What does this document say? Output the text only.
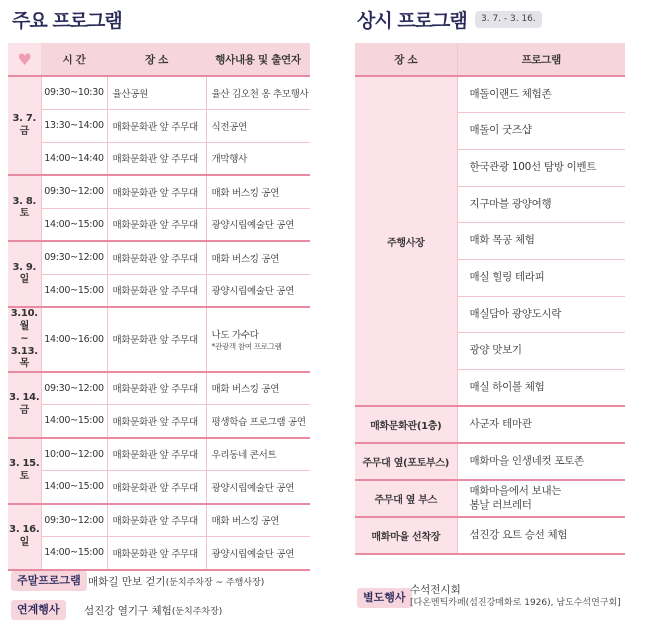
주요 프로그램	상시 프로그램	3. 7. - 3. 16.
♥	시 간	장 소	행사내용 및 출연자
3. 7.
금	09:30~10:30	율산공원	율산 김오천 옹 추모행사
	13:30~14:00	매화문화관 앞 주무대	식전공연
	14:00~14:40	매화문화관 앞 주무대	개막행사
3. 8.
토	09:30~12:00	매화문화관 앞 주무대	매화 버스킹 공연
	14:00~15:00	매화문화관 앞 주무대	광양시립예술단 공연
3. 9.
일	09:30~12:00	매화문화관 앞 주무대	매화 버스킹 공연
	14:00~15:00	매화문화관 앞 주무대	광양시립예술단 공연
3.10.월
~
3.13.목	14:00~16:00	매화문화관 앞 주무대	나도 가수다
*관광객 참여 프로그램

3. 14.
금	09:30~12:00	매화문화관 앞 주무대	매화 버스킹 공연
	14:00~15:00	매화문화관 앞 주무대	평생학습 프로그램 공연
3. 15.
토	10:00~12:00	매화문화관 앞 주무대	우리동네 콘서트
	14:00~15:00	매화문화관 앞 주무대	광양시립예술단 공연
3. 16.
일	09:30~12:00	매화문화관 앞 주무대	매화 버스킹 공연
	14:00~15:00	매화문화관 앞 주무대	광양시립예술단 공연
장 소	프로그램
주행사장	매돌이랜드 체험존
	매돌이 굿즈샵
	한국관광 100선 탐방 이벤트
	지구마블 광양여행
	매화 목공 체험
	매실 힐링 테라피
	매실담아 광양도시락
	광양 맛보기
	매실 하이볼 체험
매화문화관(1층)	사군자 테마관
주무대 옆(포토부스)	매화마을 인생네컷 포토존
주무대 옆 부스	매화마을에서 보내는
봄날 러브레터
매화마을 선착장	섬진강 요트 승선 체험
주말프로그램 매화길 만보 걷기(둔치주차장 ~ 주행사장)
연계행사	섬진강 열기구 체험(둔치주차장)
별도행사
수석전시회
[다온멘틱카페(섬진강매화로 1926), 남도수석연구회]
